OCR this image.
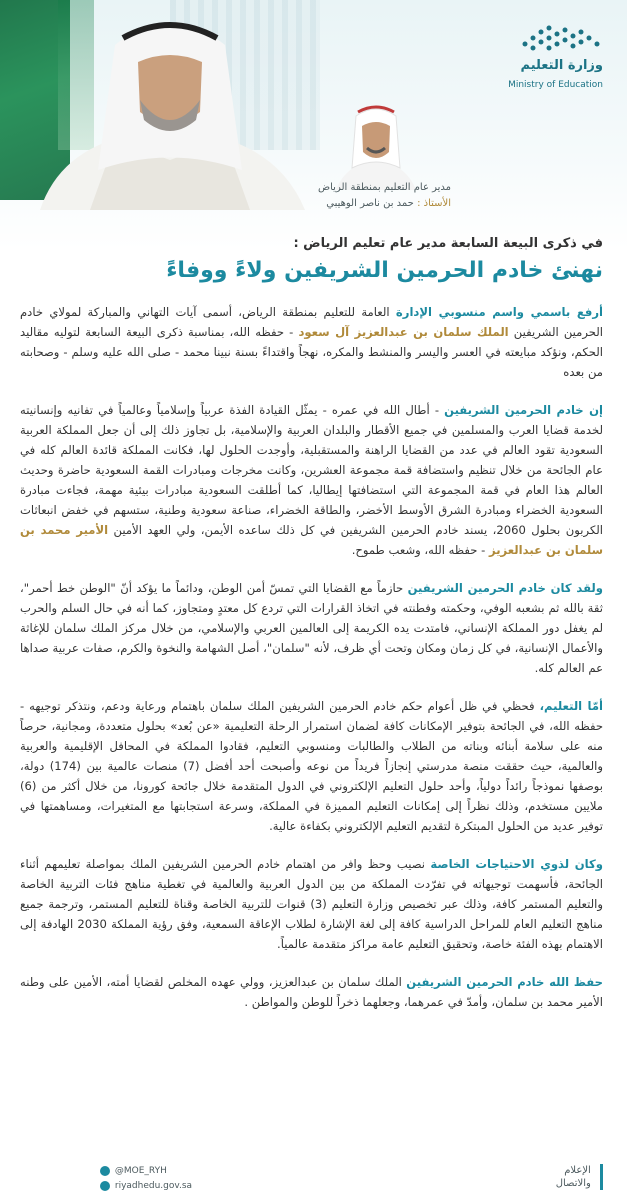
وزارة التعليم
Ministry of Education
مدير عام التعليم بمنطقة الرياض
الأستاذ : حمد بن ناصر الوهيبي
في ذكرى البيعة السابعة مدير عام تعليم الرياض :
نهنئ خادم الحرمين الشريفين ولاءً ووفاءً

أرفع باسمي واسم منسوبي الإدارة العامة للتعليم بمنطقة الرياض، أسمى آيات التهاني والمباركة لمولاي خادم الحرمين الشريفين الملك سلمان بن عبدالعزيز آل سعود - حفظه الله، بمناسبة ذكرى البيعة السابعة لتوليه مقاليد الحكم، ونؤكد مبايعته في العسر واليسر والمنشط والمكره، نهجاً واقتداءً بسنة نبينا محمد - صلى الله عليه وسلم - وصحابته من بعده

إن خادم الحرمين الشريفين - أطال الله في عمره - يمثّل القيادة الفذة عربياً وإسلامياً وعالمياً في تفانيه وإنسانيته لخدمة قضايا العرب والمسلمين في جميع الأقطار والبلدان العربية والإسلامية، بل تجاوز ذلك إلى أن جعل المملكة العربية السعودية تقود العالم في عدد من القضايا الراهنة والمستقبلية، وأوجدت الحلول لها، فكانت المملكة قائدة العالم كله في عام الجائحة من خلال تنظيم واستضافة قمة مجموعة العشرين، وكانت مخرجات ومبادرات القمة السعودية حاضرة وحديث العالم هذا العام في قمة المجموعة التي استضافتها إيطاليا، كما أطلقت السعودية مبادرات بيئية مهمة، فجاءت مبادرة السعودية الخضراء ومبادرة الشرق الأوسط الأخضر، والطاقة الخضراء، صناعة سعودية وطنية، ستسهم في خفض انبعاثات الكربون بحلول 2060، يسند خادم الحرمين الشريفين في كل ذلك ساعده الأيمن، ولي العهد الأمين الأمير محمد بن سلمان بن عبدالعزيز - حفظه الله، وشعب طموح.

ولقد كان خادم الحرمين الشريفين حازماً مع القضايا التي تمسّ أمن الوطن، ودائماً ما يؤكد أنّ "الوطن خط أحمر"، ثقة بالله ثم بشعبه الوفي، وحكمته وفطنته في اتخاذ القرارات التي تردع كل معتدٍ ومتجاوز، كما أنه في حال السلم والحرب لم يغفل دور المملكة الإنساني، فامتدت يده الكريمة إلى العالمين العربي والإسلامي، من خلال مركز الملك سلمان للإغاثة والأعمال الإنسانية، في كل زمان ومكان وتحت أي ظرف، لأنه "سلمان"، أصل الشهامة والنخوة والكرم، صفات عربية صداها عم العالم كله.

أمّا التعليم، فحظي في ظل أعوام حكم خادم الحرمين الشريفين الملك سلمان باهتمام ورعاية ودعم، ونتذكر توجيهه - حفظه الله، في الجائحة بتوفير الإمكانات كافة لضمان استمرار الرحلة التعليمية «عن بُعد» بحلول متعددة، ومجانية، حرصاً منه على سلامة أبنائه وبناته من الطلاب والطالبات ومنسوبي التعليم، فقادوا المملكة في المحافل الإقليمية والعربية والعالمية، حيث حققت منصة مدرستي إنجازاً فريداً من نوعه وأصبحت أحد أفضل (7) منصات عالمية بين (174) دولة، بوصفها نموذجاً رائداً دولياً، وأحد حلول التعليم الإلكتروني في الدول المتقدمة خلال جائحة كورونا، من خلال أكثر من (6) ملايين مستخدم، وذلك نظراً إلى إمكانات التعليم المميزة في المملكة، وسرعة استجابتها مع المتغيرات، ومساهمتها في توفير عديد من الحلول المبتكرة لتقديم التعليم الإلكتروني بكفاءة عالية.

وكان لذوي الاحتياجات الخاصة نصيب وحظ وافر من اهتمام خادم الحرمين الشريفين الملك بمواصلة تعليمهم أثناء الجائحة، فأسهمت توجيهاته في تفرّدت المملكة من بين الدول العربية والعالمية في تغطية مناهج فئات التربية الخاصة والتعليم المستمر كافة، وذلك عبر تخصيص وزارة التعليم (3) قنوات للتربية الخاصة وقناة للتعليم المستمر، وترجمة جميع مناهج التعليم العام للمراحل الدراسية كافة إلى لغة الإشارة لطلاب الإعاقة السمعية، وفق رؤية المملكة 2030 الهادفة إلى الاهتمام بهذه الفئة خاصة، وتحقيق التعليم عامة مراكز متقدمة عالمياً.

حفظ الله خادم الحرمين الشريفين الملك سلمان بن عبدالعزيز، وولي عهده المخلص لقضايا أمته، الأمين على وطنه الأمير محمد بن سلمان، وأمدّ في عمرهما، وجعلهما ذخراً للوطن والمواطن .

الإعلام
والاتصال
@MOE_RYH
riyadhedu.gov.sa
